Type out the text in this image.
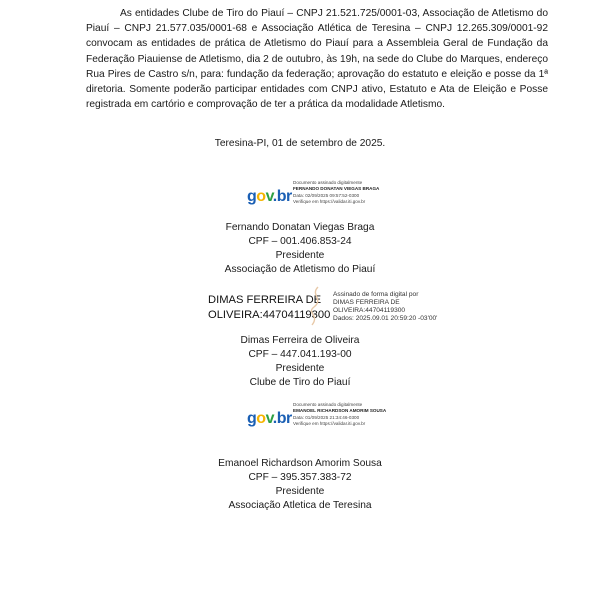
As entidades Clube de Tiro do Piauí – CNPJ 21.521.725/0001-03, Associação de Atletismo do Piauí – CNPJ 21.577.035/0001-68 e Associação Atlética de Teresina – CNPJ 12.265.309/0001-92 convocam as entidades de prática de Atletismo do Piauí para a Assembleia Geral de Fundação da Federação Piauiense de Atletismo, dia 2 de outubro, às 19h, na sede do Clube do Marques, endereço Rua Pires de Castro s/n, para: fundação da federação; aprovação do estatuto e eleição e posse da 1ª diretoria. Somente poderão participar entidades com CNPJ ativo, Estatuto e Ata de Eleição e Posse registrada em cartório e comprovação de ter a prática da modalidade Atletismo.

Teresina-PI, 01 de setembro de 2025.
gov.br
Documento assinado digitalmente
FERNANDO DONATAN VIEGAS BRAGA
Data: 02/09/2025 09:57:52-0300
Verifique em https://validar.iti.gov.br
Fernando Donatan Viegas Braga
CPF – 001.406.853-24
Presidente
Associação de Atletismo do Piauí
DIMAS FERREIRA DE
OLIVEIRA:44704119300
Assinado de forma digital por
DIMAS FERREIRA DE
OLIVEIRA:44704119300
Dados: 2025.09.01 20:59:20 -03'00'
Dimas Ferreira de Oliveira
CPF – 447.041.193-00
Presidente
Clube de Tiro do Piauí
gov.br
Documento assinado digitalmente
EMANOEL RICHARDSON AMORIM SOUSA
Data: 01/09/2025 21:34:46-0300
Verifique em https://validar.iti.gov.br
Emanoel Richardson Amorim Sousa
CPF – 395.357.383-72
Presidente
Associação Atletica de Teresina
